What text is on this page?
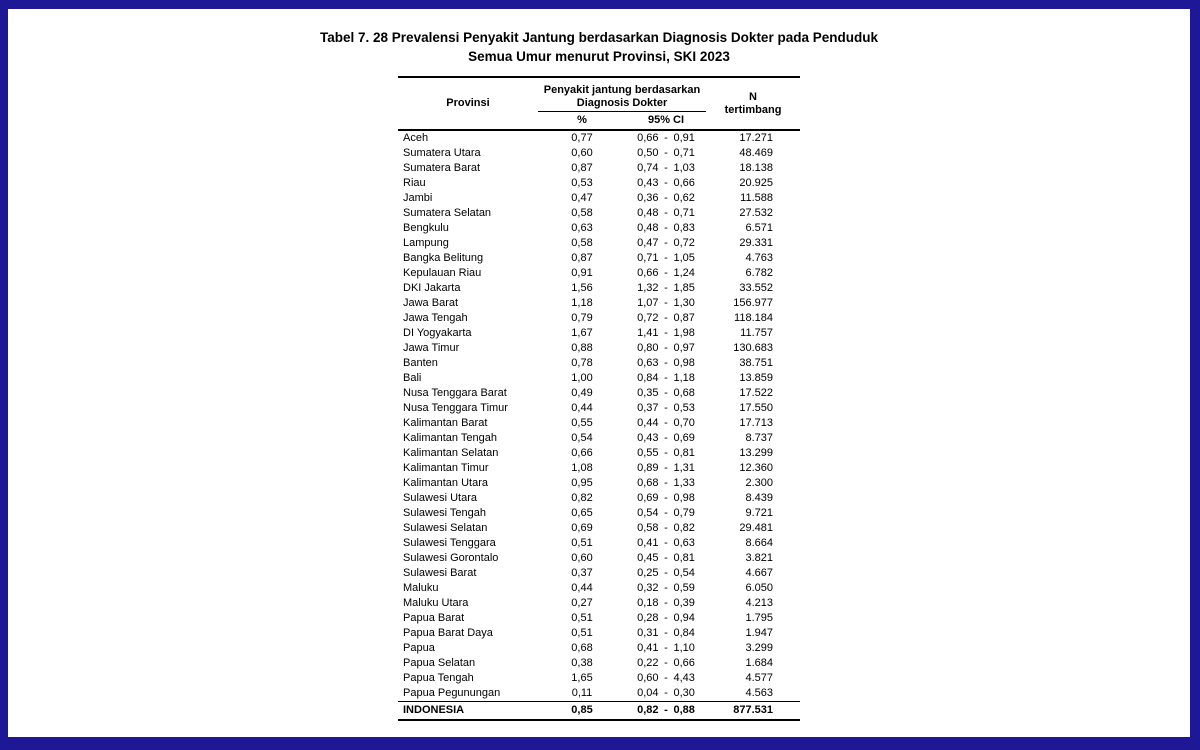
Tabel 7. 28 Prevalensi Penyakit Jantung berdasarkan Diagnosis Dokter pada Penduduk
Semua Umur menurut Provinsi, SKI 2023
Provinsi	
Penyakit jantung berdasarkan
Diagnosis Dokter

N
tertimbang

	%	95% CI	
Aceh	0,77	0,66 - 0,91	17.271
Sumatera Utara	0,60	0,50 - 0,71	48.469
Sumatera Barat	0,87	0,74 - 1,03	18.138
Riau	0,53	0,43 - 0,66	20.925
Jambi	0,47	0,36 - 0,62	11.588
Sumatera Selatan	0,58	0,48 - 0,71	27.532
Bengkulu	0,63	0,48 - 0,83	6.571
Lampung	0,58	0,47 - 0,72	29.331
Bangka Belitung	0,87	0,71 - 1,05	4.763
Kepulauan Riau	0,91	0,66 - 1,24	6.782
DKI Jakarta	1,56	1,32 - 1,85	33.552
Jawa Barat	1,18	1,07 - 1,30	156.977
Jawa Tengah	0,79	0,72 - 0,87	118.184
DI Yogyakarta	1,67	1,41 - 1,98	11.757
Jawa Timur	0,88	0,80 - 0,97	130.683
Banten	0,78	0,63 - 0,98	38.751
Bali	1,00	0,84 - 1,18	13.859
Nusa Tenggara Barat	0,49	0,35 - 0,68	17.522
Nusa Tenggara Timur	0,44	0,37 - 0,53	17.550
Kalimantan Barat	0,55	0,44 - 0,70	17.713
Kalimantan Tengah	0,54	0,43 - 0,69	8.737
Kalimantan Selatan	0,66	0,55 - 0,81	13.299
Kalimantan Timur	1,08	0,89 - 1,31	12.360
Kalimantan Utara	0,95	0,68 - 1,33	2.300
Sulawesi Utara	0,82	0,69 - 0,98	8.439
Sulawesi Tengah	0,65	0,54 - 0,79	9.721
Sulawesi Selatan	0,69	0,58 - 0,82	29.481
Sulawesi Tenggara	0,51	0,41 - 0,63	8.664
Sulawesi Gorontalo	0,60	0,45 - 0,81	3.821
Sulawesi Barat	0,37	0,25 - 0,54	4.667
Maluku	0,44	0,32 - 0,59	6.050
Maluku Utara	0,27	0,18 - 0,39	4.213
Papua Barat	0,51	0,28 - 0,94	1.795
Papua Barat Daya	0,51	0,31 - 0,84	1.947
Papua	0,68	0,41 - 1,10	3.299
Papua Selatan	0,38	0,22 - 0,66	1.684
Papua Tengah	1,65	0,60 - 4,43	4.577
Papua Pegunungan	0,11	0,04 - 0,30	4.563
INDONESIA	0,85	0,82 - 0,88	877.531
